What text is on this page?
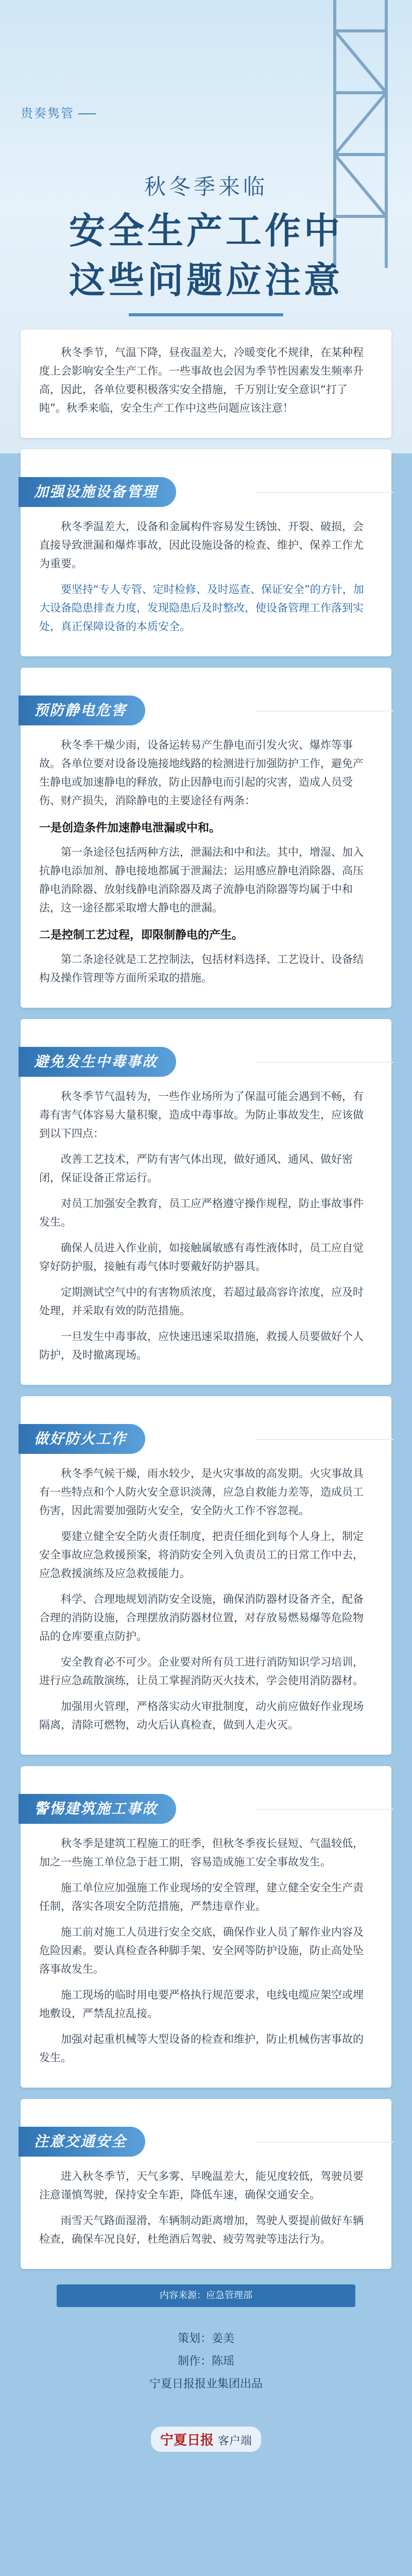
贵奏隽管
秋冬季来临
安全生产工作中
这些问题应注意

秋冬季节，气温下降，昼夜温差大，冷暖变化不规律，在某种程度上会影响安全生产工作。一些事故也会因为季节性因素发生频率升高，因此，各单位要积极落实安全措施，千万别让安全意识“打了盹”。秋季来临，安全生产工作中这些问题应该注意！

加强设施设备管理

秋冬季温差大，设备和金属构件容易发生锈蚀、开裂、破损，会直接导致泄漏和爆炸事故，因此设施设备的检查、维护、保养工作尤为重要。

要坚持“专人专管、定时检修、及时巡查、保证安全”的方针，加大设备隐患排查力度，发现隐患后及时整改，使设备管理工作落到实处，真正保障设备的本质安全。

预防静电危害

秋冬季干燥少雨，设备运转易产生静电而引发火灾、爆炸等事故。各单位要对设备设施接地线路的检测进行加强防护工作，避免产生静电或加速静电的释放，防止因静电而引起的灾害，造成人员受伤、财产损失，消除静电的主要途径有两条：

一是创造条件加速静电泄漏或中和。

第一条途径包括两种方法，泄漏法和中和法。其中，增湿、加入抗静电添加剂、静电接地都属于泄漏法；运用感应静电消除器、高压静电消除器、放射线静电消除器及离子流静电消除器等均属于中和法，这一途径都采取增大静电的泄漏。

二是控制工艺过程，即限制静电的产生。

第二条途径就是工艺控制法，包括材料选择、工艺设计、设备结构及操作管理等方面所采取的措施。

避免发生中毒事故

秋冬季节气温转为，一些作业场所为了保温可能会遇到不畅，有毒有害气体容易大量积聚，造成中毒事故。为防止事故发生，应该做到以下四点：

改善工艺技术，严防有害气体出现，做好通风、通风、做好密闭，保证设备正常运行。

对员工加强安全教育，员工应严格遵守操作规程，防止事故事件发生。

确保人员进入作业前，如接触属敏感有毒性液体时，员工应自觉穿好防护服，接触有毒气体时要戴好防护器具。

定期测试空气中的有害物质浓度，若超过最高容许浓度，应及时处理，并采取有效的防范措施。

一旦发生中毒事故，应快速迅速采取措施，救援人员要做好个人防护，及时撤离现场。

做好防火工作

秋冬季气候干燥，雨水较少，是火灾事故的高发期。火灾事故具有一些特点和个人防火安全意识淡薄，应急自救能力差等，造成员工伤害，因此需要加强防火安全，安全防火工作不容忽视。

要建立健全安全防火责任制度，把责任细化到每个人身上，制定安全事故应急救援预案，将消防安全列入负责员工的日常工作中去，应急救援演练及应急救援能力。

科学、合理地规划消防安全设施，确保消防器材设备齐全，配备合理的消防设施，合理摆放消防器材位置，对存放易燃易爆等危险物品的仓库要重点防护。

安全教育必不可少。企业要对所有员工进行消防知识学习培训，进行应急疏散演练，让员工掌握消防灭火技术，学会使用消防器材。

加强用火管理，严格落实动火审批制度，动火前应做好作业现场隔离，清除可燃物，动火后认真检查，做到人走火灭。

警惕建筑施工事故

秋冬季是建筑工程施工的旺季，但秋冬季夜长昼短、气温较低，加之一些施工单位急于赶工期，容易造成施工安全事故发生。

施工单位应加强施工作业现场的安全管理，建立健全安全生产责任制，落实各项安全防范措施，严禁违章作业。

施工前对施工人员进行安全交底，确保作业人员了解作业内容及危险因素。要认真检查各种脚手架、安全网等防护设施，防止高处坠落事故发生。

施工现场的临时用电要严格执行规范要求，电线电缆应架空或埋地敷设，严禁乱拉乱接。

加强对起重机械等大型设备的检查和维护，防止机械伤害事故的发生。

注意交通安全

进入秋冬季节，天气多雾、早晚温差大，能见度较低，驾驶员要注意谨慎驾驶，保持安全车距，降低车速，确保交通安全。

雨雪天气路面湿滑，车辆制动距离增加，驾驶人要提前做好车辆检查，确保车况良好，杜绝酒后驾驶、疲劳驾驶等违法行为。

内容来源：应急管理部
策划：姜美
制作：陈瑶
宁夏日报报业集团出品
宁夏日报 客户端
